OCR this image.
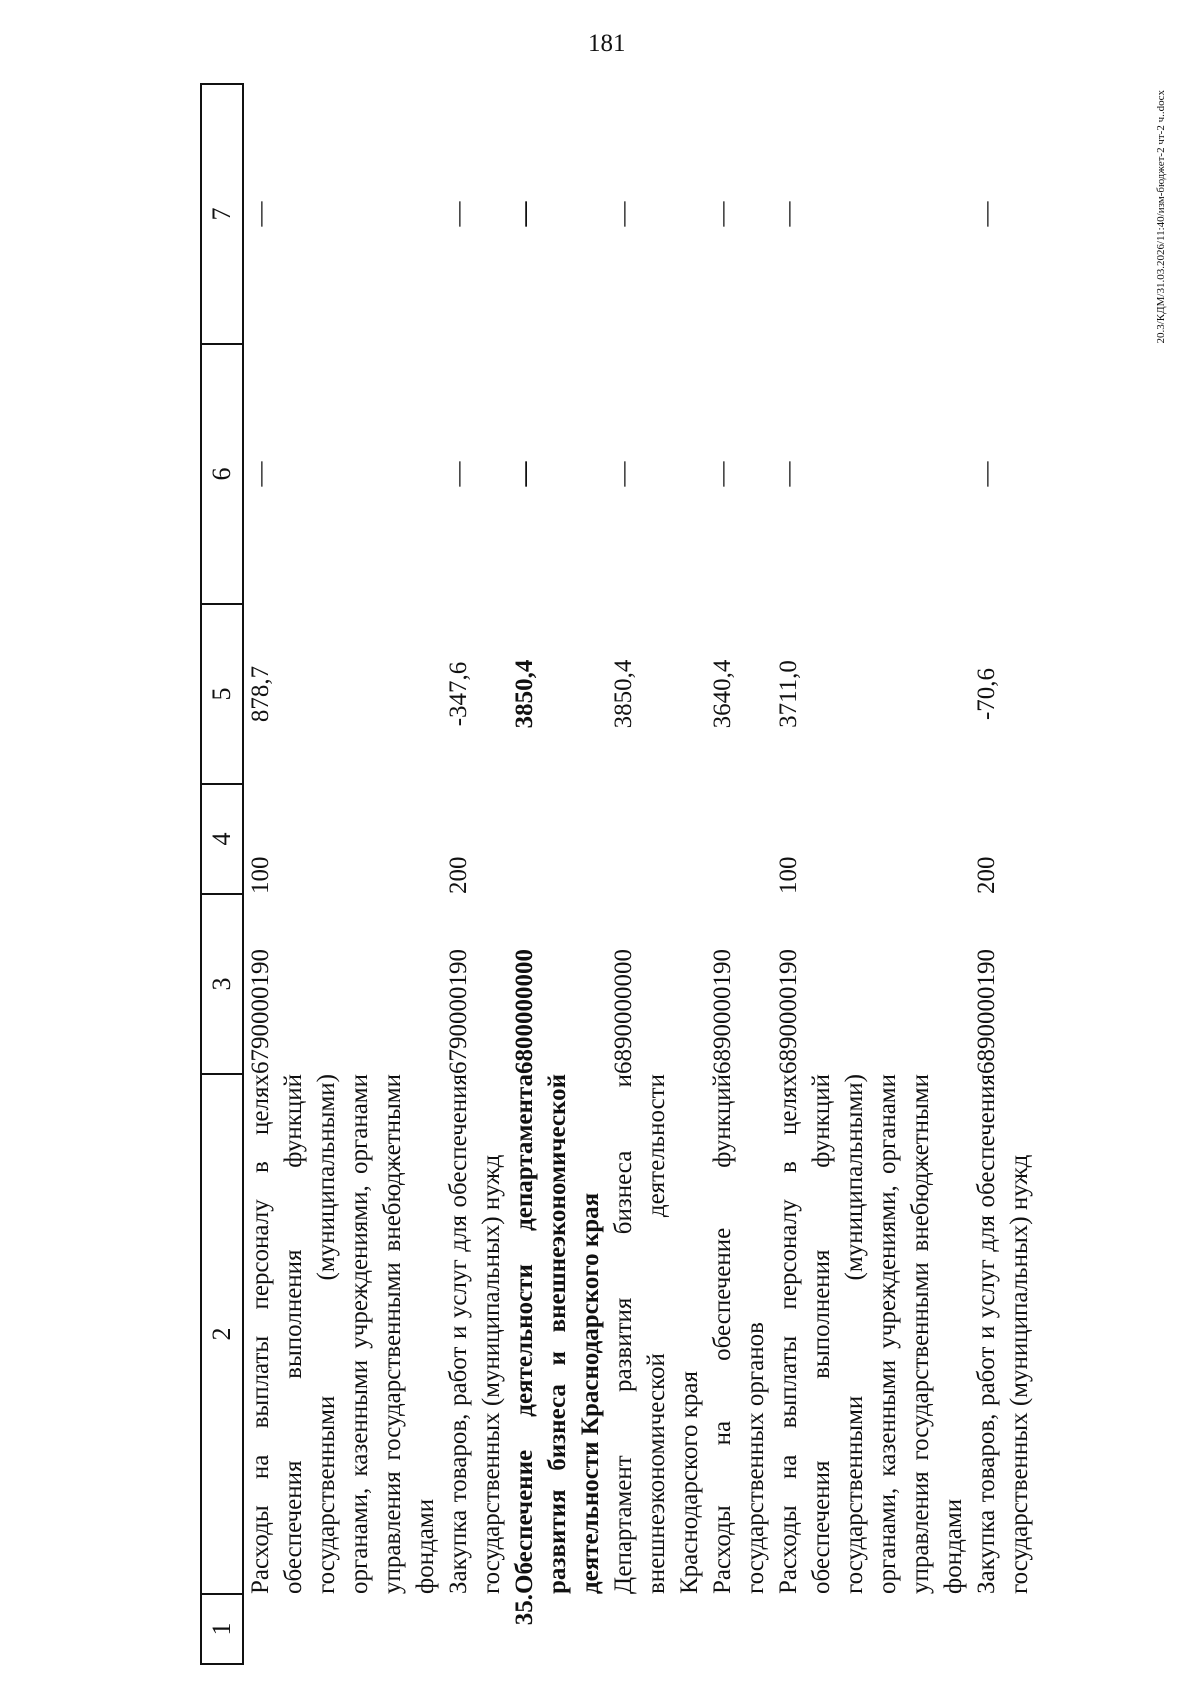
181
20.3/КДМ/31.03.2026/11:40/изм-бюджет-2 чт-2 ч..docx
1	2	3	4	5	6	7
	Расходы на выплаты персоналу в целях обеспечения выполнения функций государственными (муниципальными) органами, казенными учреждениями, органами управления государственными внебюджетными фондами	6790000190	100	878,7	—	—
	Закупка товаров, работ и услуг для обеспечения государственных (муниципальных) нужд	6790000190	200	-347,6	—	—
35.	Обеспечение деятельности департамента развития бизнеса и внешнеэкономической деятельности Краснодарского края	6800000000		3850,4	—	—
	Департамент развития бизнеса и внешнеэкономической деятельности Краснодарского края	6890000000		3850,4	—	—
	Расходы на обеспечение функций государственных органов	6890000190		3640,4	—	—
	Расходы на выплаты персоналу в целях обеспечения выполнения функций государственными (муниципальными) органами, казенными учреждениями, органами управления государственными внебюджетными фондами	6890000190	100	3711,0	—	—
	Закупка товаров, работ и услуг для обеспечения государственных (муниципальных) нужд	6890000190	200	-70,6	—	—
